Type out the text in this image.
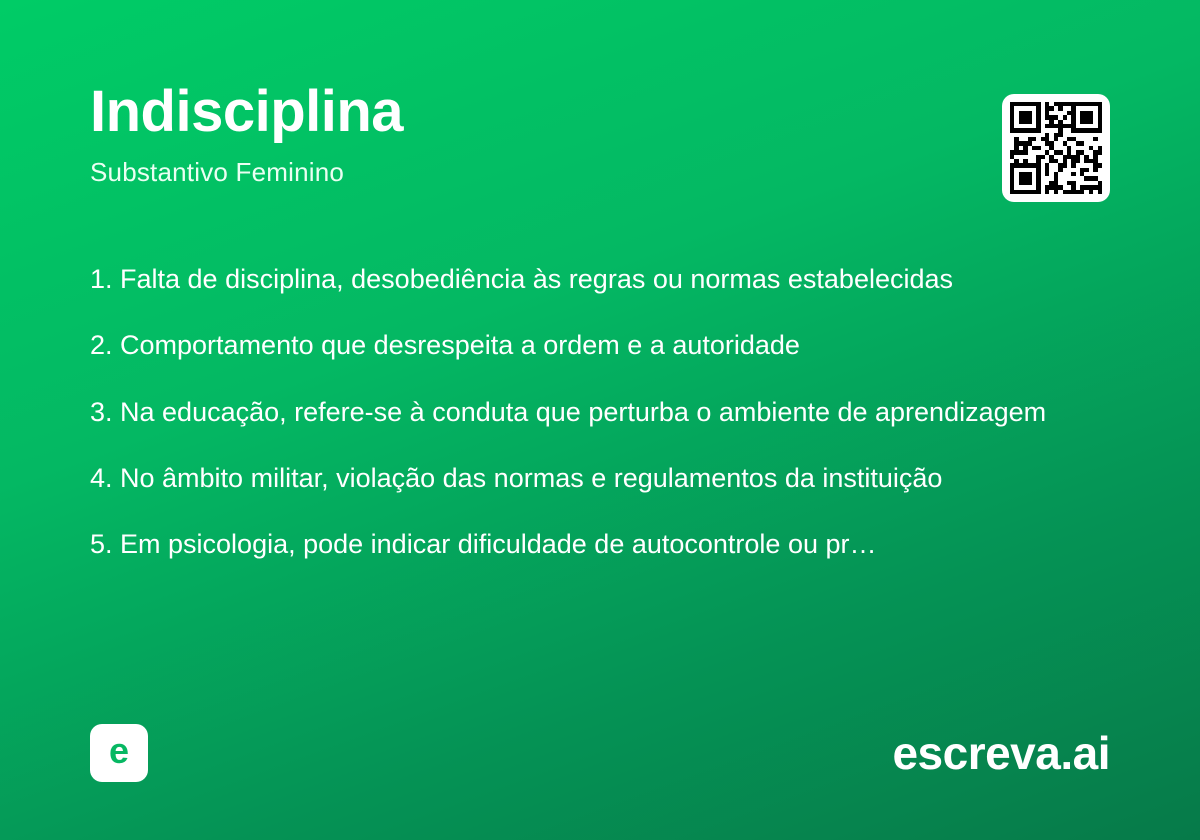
Indisciplina
Substantivo Feminino

1. Falta de disciplina, desobediência às regras ou normas estabelecidas

2. Comportamento que desrespeita a ordem e a autoridade

3. Na educação, refere-se à conduta que perturba o ambiente de aprendizagem

4. No âmbito militar, violação das normas e regulamentos da instituição

5. Em psicologia, pode indicar dificuldade de autocontrole ou pr…

e	escreva.ai
